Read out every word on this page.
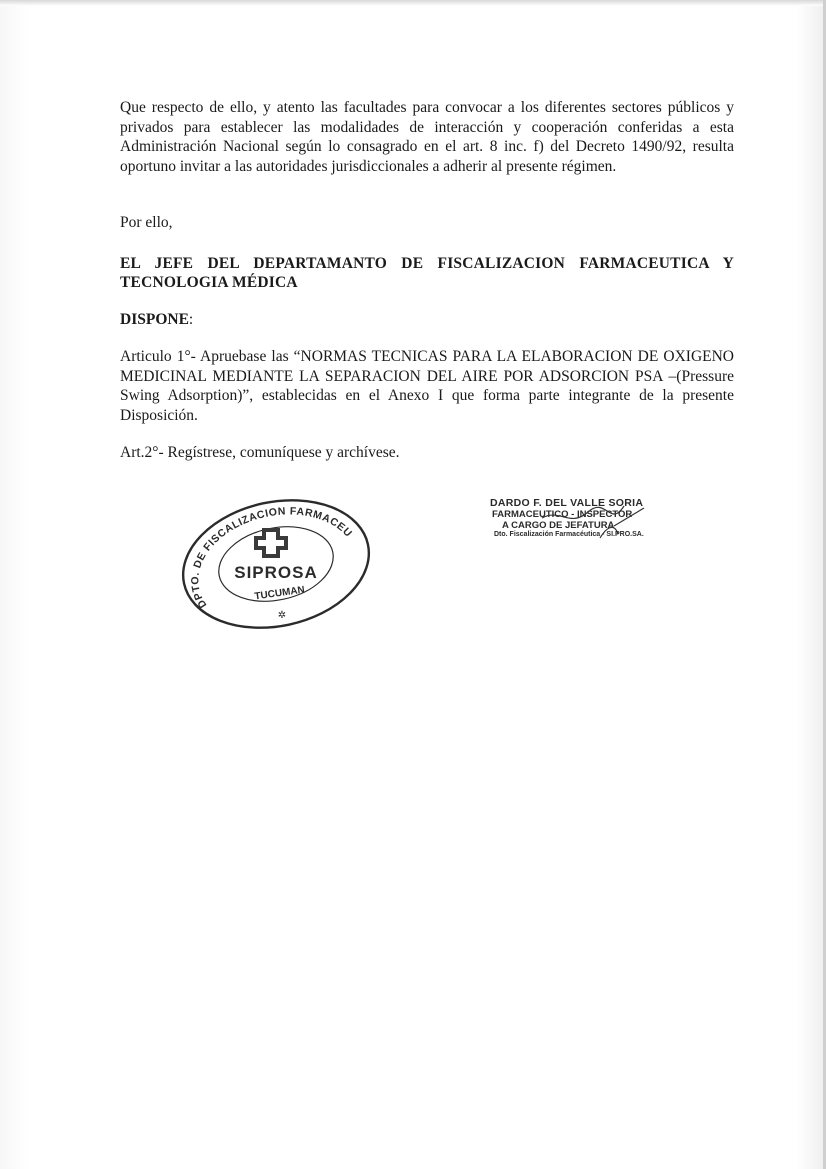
Que respecto de ello, y atento las facultades para convocar a los diferentes sectores públicos y privados para establecer las modalidades de interacción y cooperación conferidas a esta Administración Nacional según lo consagrado en el art. 8 inc. f) del Decreto 1490/92, resulta oportuno invitar a las autoridades jurisdiccionales a adherir al presente régimen.
Por ello,
EL JEFE DEL DEPARTAMANTO DE FISCALIZACION FARMACEUTICA Y TECNOLOGIA MÉDICA
DISPONE:
Articulo 1°- Apruebase las “NORMAS TECNICAS PARA LA ELABORACION DE OXIGENO MEDICINAL MEDIANTE LA SEPARACION DEL AIRE POR ADSORCION PSA –(Pressure Swing Adsorption)”, establecidas en el Anexo I que forma parte integrante de la presente Disposición.
Art.2°- Regístrese, comuníquese y archívese.
DPTO. DE FISCALIZACION FARMACEUTICA
SIPROSA
TUCUMAN
✲
DARDO F. DEL VALLE SORIA
FARMACEUTICO - INSPECTOR
A CARGO DE JEFATURA
Dto. Fiscalización Farmacéutica - SI.PRO.SA.
